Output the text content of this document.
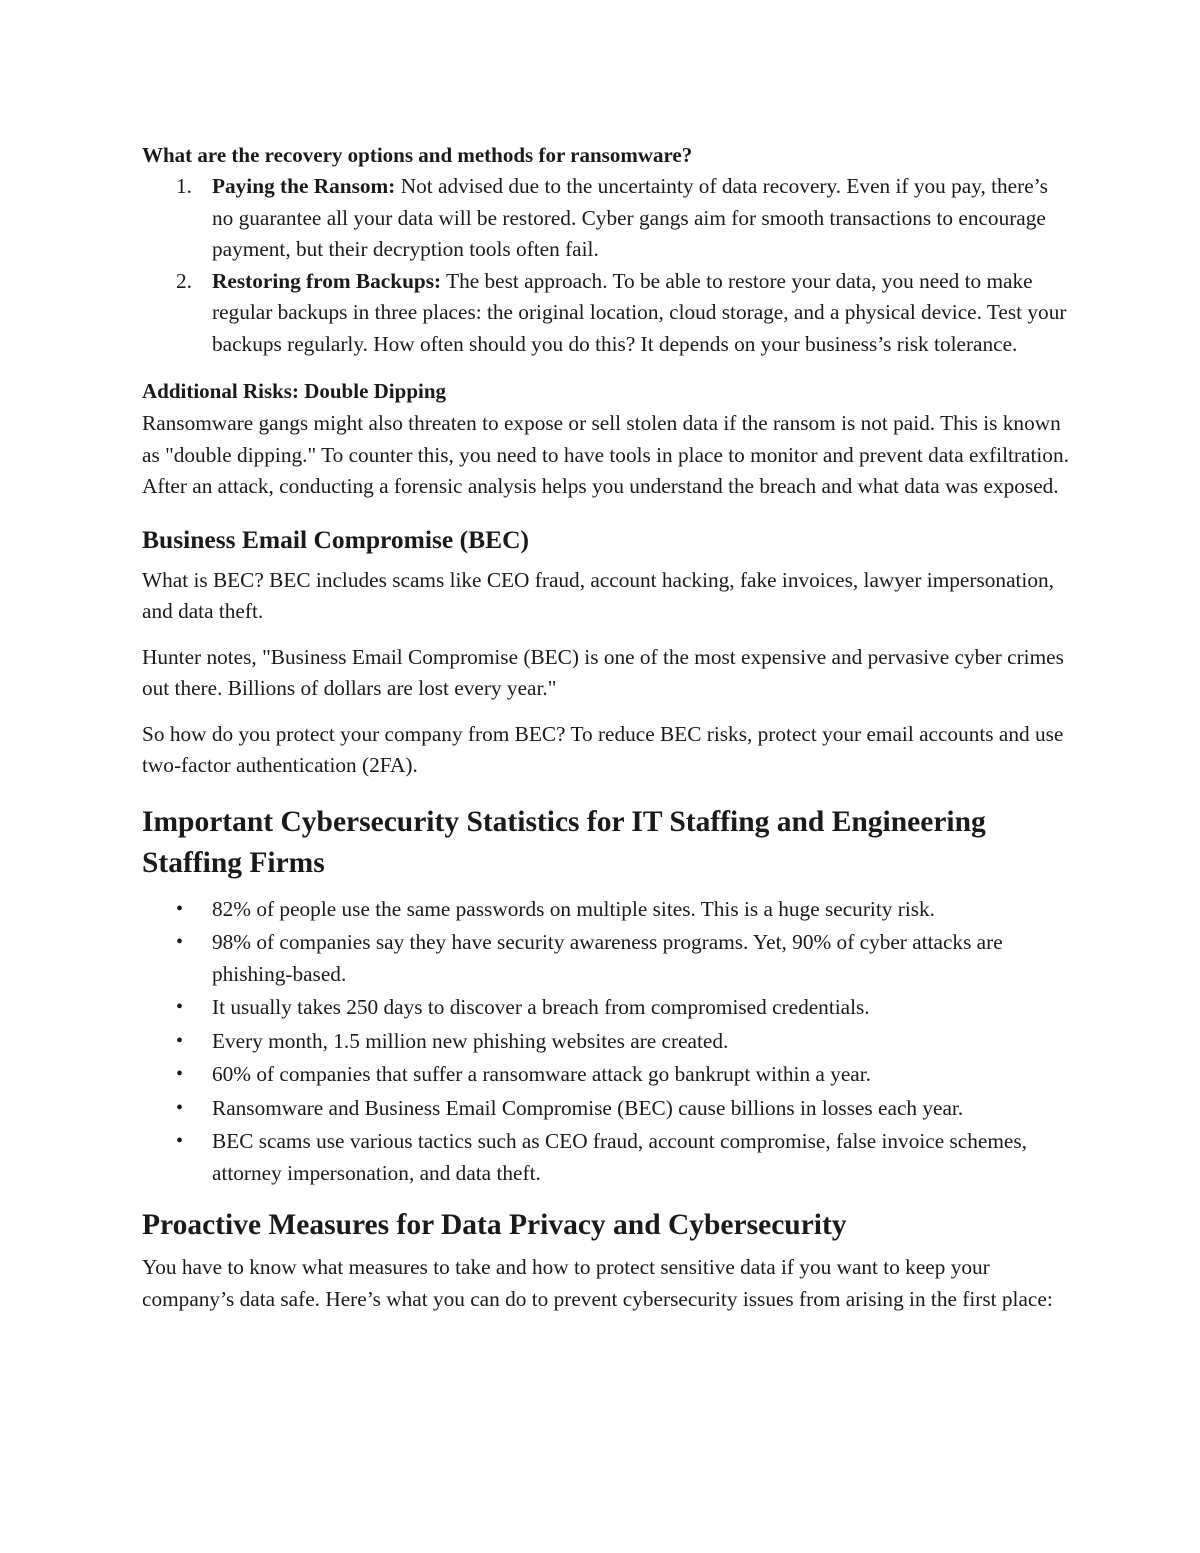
What are the recovery options and methods for ransomware?

1. Paying the Ransom: Not advised due to the uncertainty of data recovery. Even if you pay, there’s no guarantee all your data will be restored. Cyber gangs aim for smooth transactions to encourage payment, but their decryption tools often fail.
2. Restoring from Backups: The best approach. To be able to restore your data, you need to make regular backups in three places: the original location, cloud storage, and a physical device. Test your backups regularly. How often should you do this? It depends on your business’s risk tolerance.
Additional Risks: Double Dipping

Ransomware gangs might also threaten to expose or sell stolen data if the ransom is not paid. This is known as "double dipping." To counter this, you need to have tools in place to monitor and prevent data exfiltration. After an attack, conducting a forensic analysis helps you understand the breach and what data was exposed.

Business Email Compromise (BEC)

What is BEC? BEC includes scams like CEO fraud, account hacking, fake invoices, lawyer impersonation, and data theft.

Hunter notes, "Business Email Compromise (BEC) is one of the most expensive and pervasive cyber crimes out there. Billions of dollars are lost every year."

So how do you protect your company from BEC? To reduce BEC risks, protect your email accounts and use two-factor authentication (2FA).

Important Cybersecurity Statistics for IT Staffing and Engineering Staffing Firms
• 82% of people use the same passwords on multiple sites. This is a huge security risk.
• 98% of companies say they have security awareness programs. Yet, 90% of cyber attacks are phishing-based.
• It usually takes 250 days to discover a breach from compromised credentials.
• Every month, 1.5 million new phishing websites are created.
• 60% of companies that suffer a ransomware attack go bankrupt within a year.
• Ransomware and Business Email Compromise (BEC) cause billions in losses each year.
• BEC scams use various tactics such as CEO fraud, account compromise, false invoice schemes, attorney impersonation, and data theft.
Proactive Measures for Data Privacy and Cybersecurity

You have to know what measures to take and how to protect sensitive data if you want to keep your company’s data safe. Here’s what you can do to prevent cybersecurity issues from arising in the first place:
